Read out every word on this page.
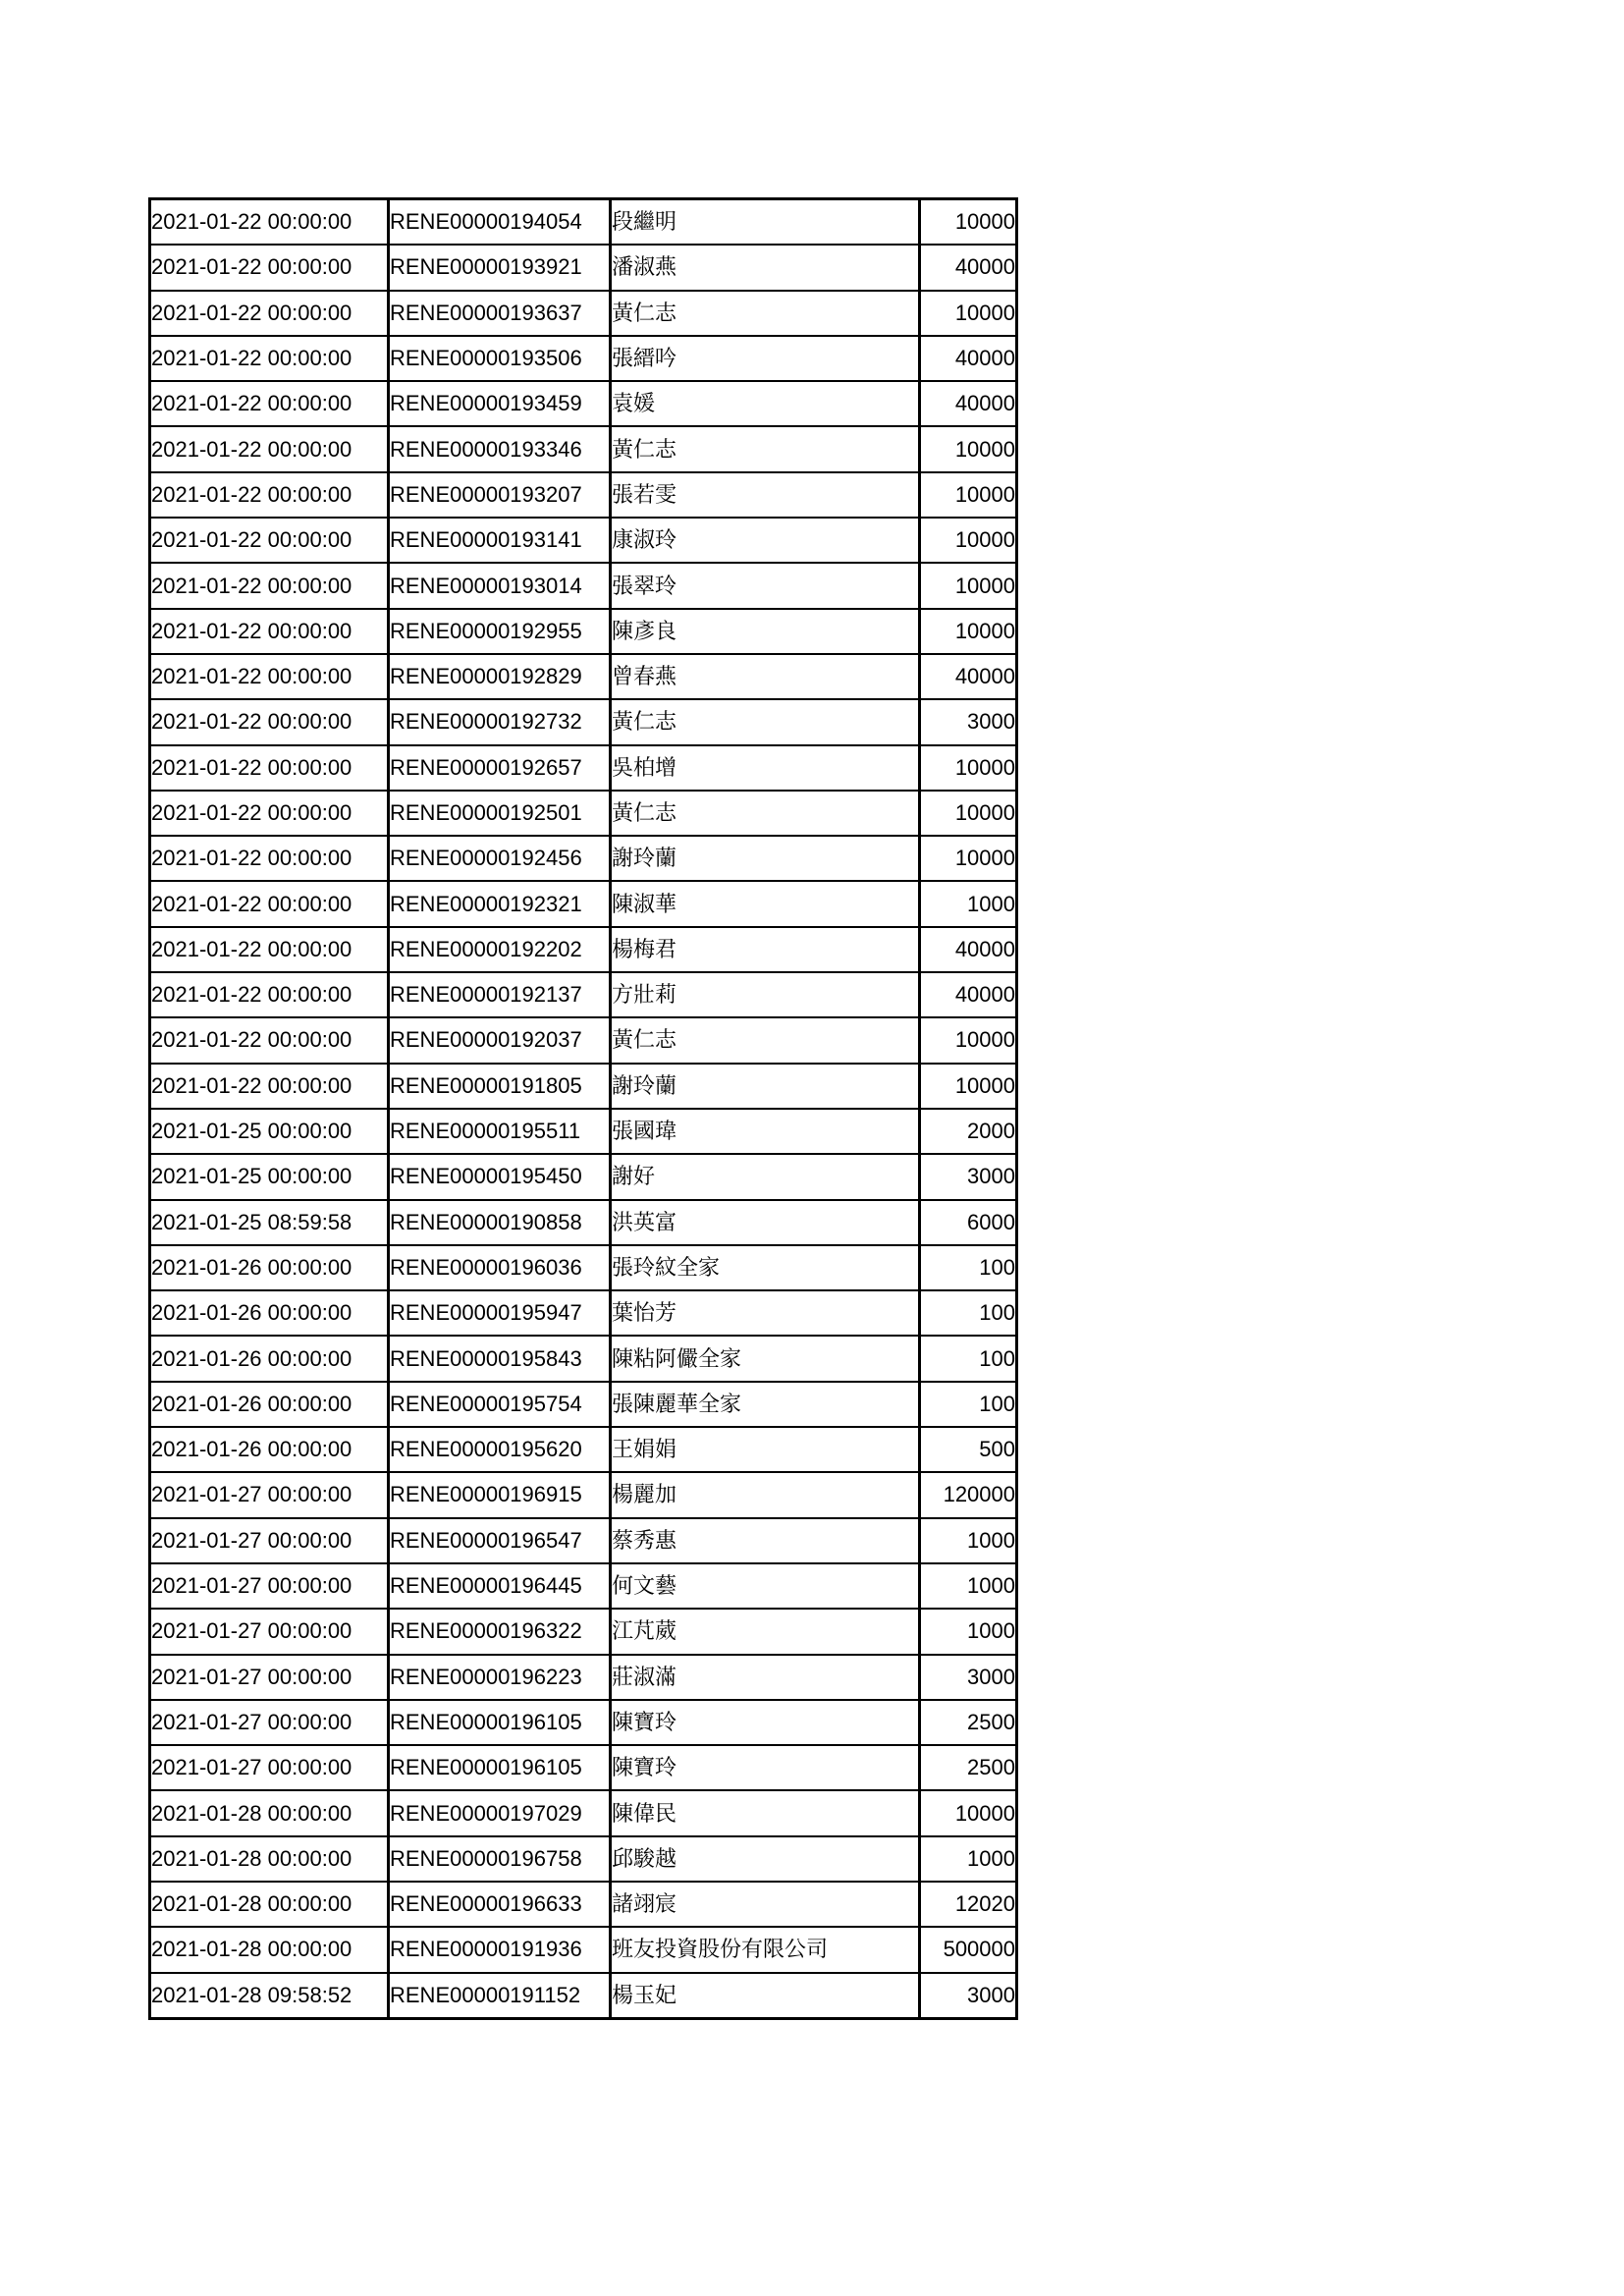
2021-01-22 00:00:00	RENE00000194054	段繼明	10000
2021-01-22 00:00:00	RENE00000193921	潘淑燕	40000
2021-01-22 00:00:00	RENE00000193637	黃仁志	10000
2021-01-22 00:00:00	RENE00000193506	張縉吟	40000
2021-01-22 00:00:00	RENE00000193459	袁媛	40000
2021-01-22 00:00:00	RENE00000193346	黃仁志	10000
2021-01-22 00:00:00	RENE00000193207	張若雯	10000
2021-01-22 00:00:00	RENE00000193141	康淑玲	10000
2021-01-22 00:00:00	RENE00000193014	張翠玲	10000
2021-01-22 00:00:00	RENE00000192955	陳彥良	10000
2021-01-22 00:00:00	RENE00000192829	曾春燕	40000
2021-01-22 00:00:00	RENE00000192732	黃仁志	3000
2021-01-22 00:00:00	RENE00000192657	吳柏增	10000
2021-01-22 00:00:00	RENE00000192501	黃仁志	10000
2021-01-22 00:00:00	RENE00000192456	謝玲蘭	10000
2021-01-22 00:00:00	RENE00000192321	陳淑華	1000
2021-01-22 00:00:00	RENE00000192202	楊梅君	40000
2021-01-22 00:00:00	RENE00000192137	方壯莉	40000
2021-01-22 00:00:00	RENE00000192037	黃仁志	10000
2021-01-22 00:00:00	RENE00000191805	謝玲蘭	10000
2021-01-25 00:00:00	RENE00000195511	張國瑋	2000
2021-01-25 00:00:00	RENE00000195450	謝好	3000
2021-01-25 08:59:58	RENE00000190858	洪英富	6000
2021-01-26 00:00:00	RENE00000196036	張玲紋全家	100
2021-01-26 00:00:00	RENE00000195947	葉怡芳	100
2021-01-26 00:00:00	RENE00000195843	陳粘阿儼全家	100
2021-01-26 00:00:00	RENE00000195754	張陳麗華全家	100
2021-01-26 00:00:00	RENE00000195620	王娟娟	500
2021-01-27 00:00:00	RENE00000196915	楊麗加	120000
2021-01-27 00:00:00	RENE00000196547	蔡秀惠	1000
2021-01-27 00:00:00	RENE00000196445	何文藝	1000
2021-01-27 00:00:00	RENE00000196322	江芃葳	1000
2021-01-27 00:00:00	RENE00000196223	莊淑滿	3000
2021-01-27 00:00:00	RENE00000196105	陳寶玲	2500
2021-01-27 00:00:00	RENE00000196105	陳寶玲	2500
2021-01-28 00:00:00	RENE00000197029	陳偉民	10000
2021-01-28 00:00:00	RENE00000196758	邱駿越	1000
2021-01-28 00:00:00	RENE00000196633	諸翊宸	12020
2021-01-28 00:00:00	RENE00000191936	班友投資股份有限公司	500000
2021-01-28 09:58:52	RENE00000191152	楊玉妃	3000
